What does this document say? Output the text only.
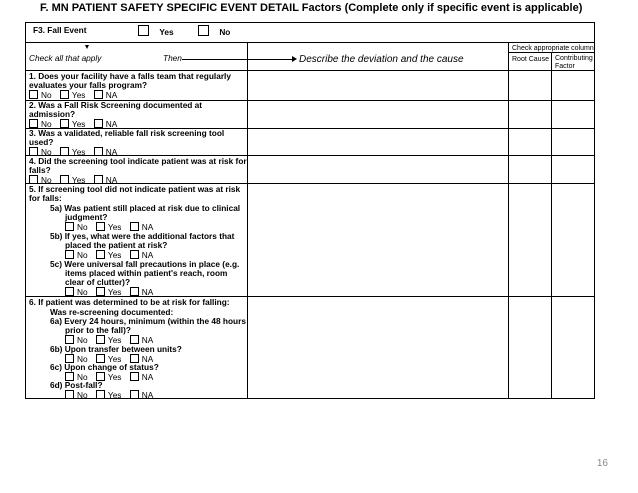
F. MN PATIENT SAFETY SPECIFIC EVENT DETAIL Factors (Complete only if specific event is applicable)
F3. Fall Event	Yes	No
Check all that apply	Then	Describe the deviation and the cause
Check appropriate column
Root Cause Contributing Factor
1. Does your facility have a falls team that regularly
evaluates your falls program?
No Yes NA
2. Was a Fall Risk Screening documented at
admission?
No Yes NA
3. Was a validated, reliable fall risk screening tool
used?
No Yes NA
4. Did the screening tool indicate patient was at risk for
falls?
No Yes NA
5. If screening tool did not indicate patient was at risk
for falls:
5a) Was patient still placed at risk due to clinical
judgment?
No Yes NA
5b) If yes, what were the additional factors that
placed the patient at risk?
No Yes NA
5c) Were universal fall precautions in place (e.g.
items placed within patient's reach, room
clear of clutter)?
No Yes NA
6. If patient was determined to be at risk for falling:
Was re-screening documented:
6a) Every 24 hours, minimum (within the 48 hours
prior to the fall)?
No Yes NA
6b) Upon transfer between units?
No Yes NA
6c) Upon change of status?
No Yes NA
6d) Post-fall?
No Yes NA
16
